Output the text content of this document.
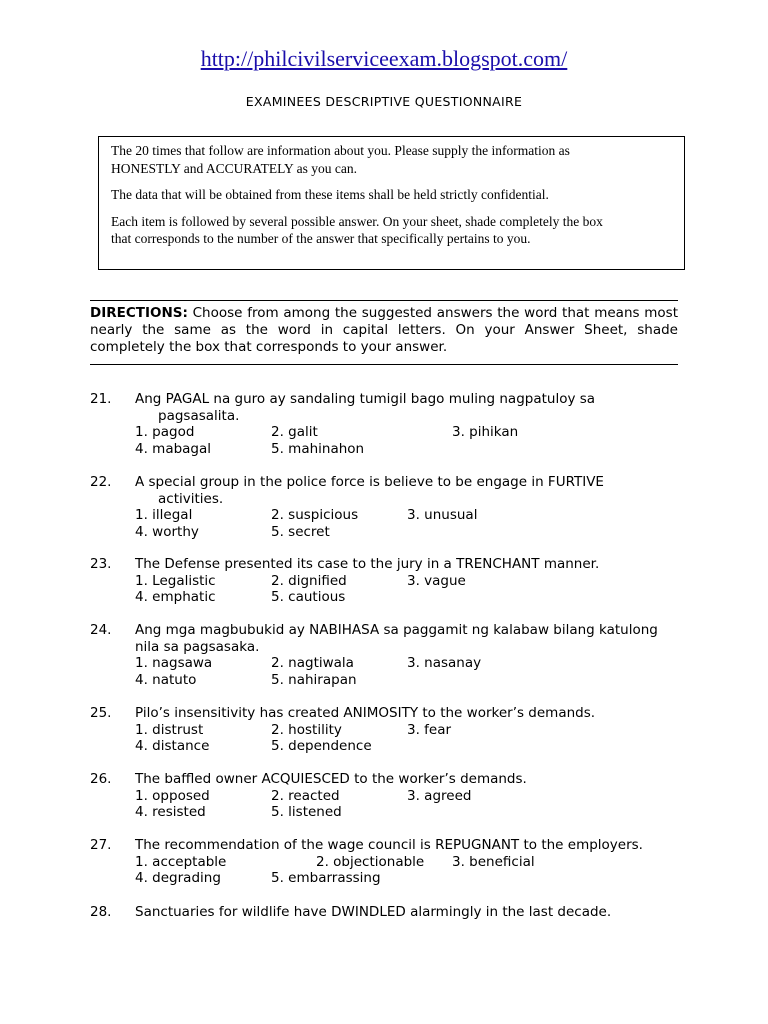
http://philcivilserviceexam.blogspot.com/
EXAMINEES DESCRIPTIVE QUESTIONNAIRE

The 20 times that follow are information about you. Please supply the information as
HONESTLY and ACCURATELY as you can.

The data that will be obtained from these items shall be held strictly confidential.

Each item is followed by several possible answer. On your sheet, shade completely the box
that corresponds to the number of the answer that specifically pertains to you.

DIRECTIONS: Choose from among the suggested answers the word that means most nearly the same as the word in capital letters. On your Answer Sheet, shade completely the box that corresponds to your answer.
21. Ang PAGAL na guro ay sandaling tumigil bago muling nagpatuloy sa
pagsasalita.
1. pagod	2. galit	3. pihikan
4. mabagal	5. mahinahon
22. A special group in the police force is believe to be engage in FURTIVE
activities.
1. illegal	2. suspicious	3. unusual
4. worthy	5. secret
23. The Defense presented its case to the jury in a TRENCHANT manner.
1. Legalistic	2. dignified	3. vague
4. emphatic	5. cautious
24. Ang mga magbubukid ay NABIHASA sa paggamit ng kalabaw bilang katulong
nila sa pagsasaka.
1. nagsawa	2. nagtiwala	3. nasanay
4. natuto	5. nahirapan
25. Pilo’s insensitivity has created ANIMOSITY to the worker’s demands.
1. distrust	2. hostility	3. fear
4. distance	5. dependence
26. The baffled owner ACQUIESCED to the worker’s demands.
1. opposed	2. reacted	3. agreed
4. resisted	5. listened
27. The recommendation of the wage council is REPUGNANT to the employers.
1. acceptable	2. objectionable 3. beneficial
4. degrading	5. embarrassing
28. Sanctuaries for wildlife have DWINDLED alarmingly in the last decade.
